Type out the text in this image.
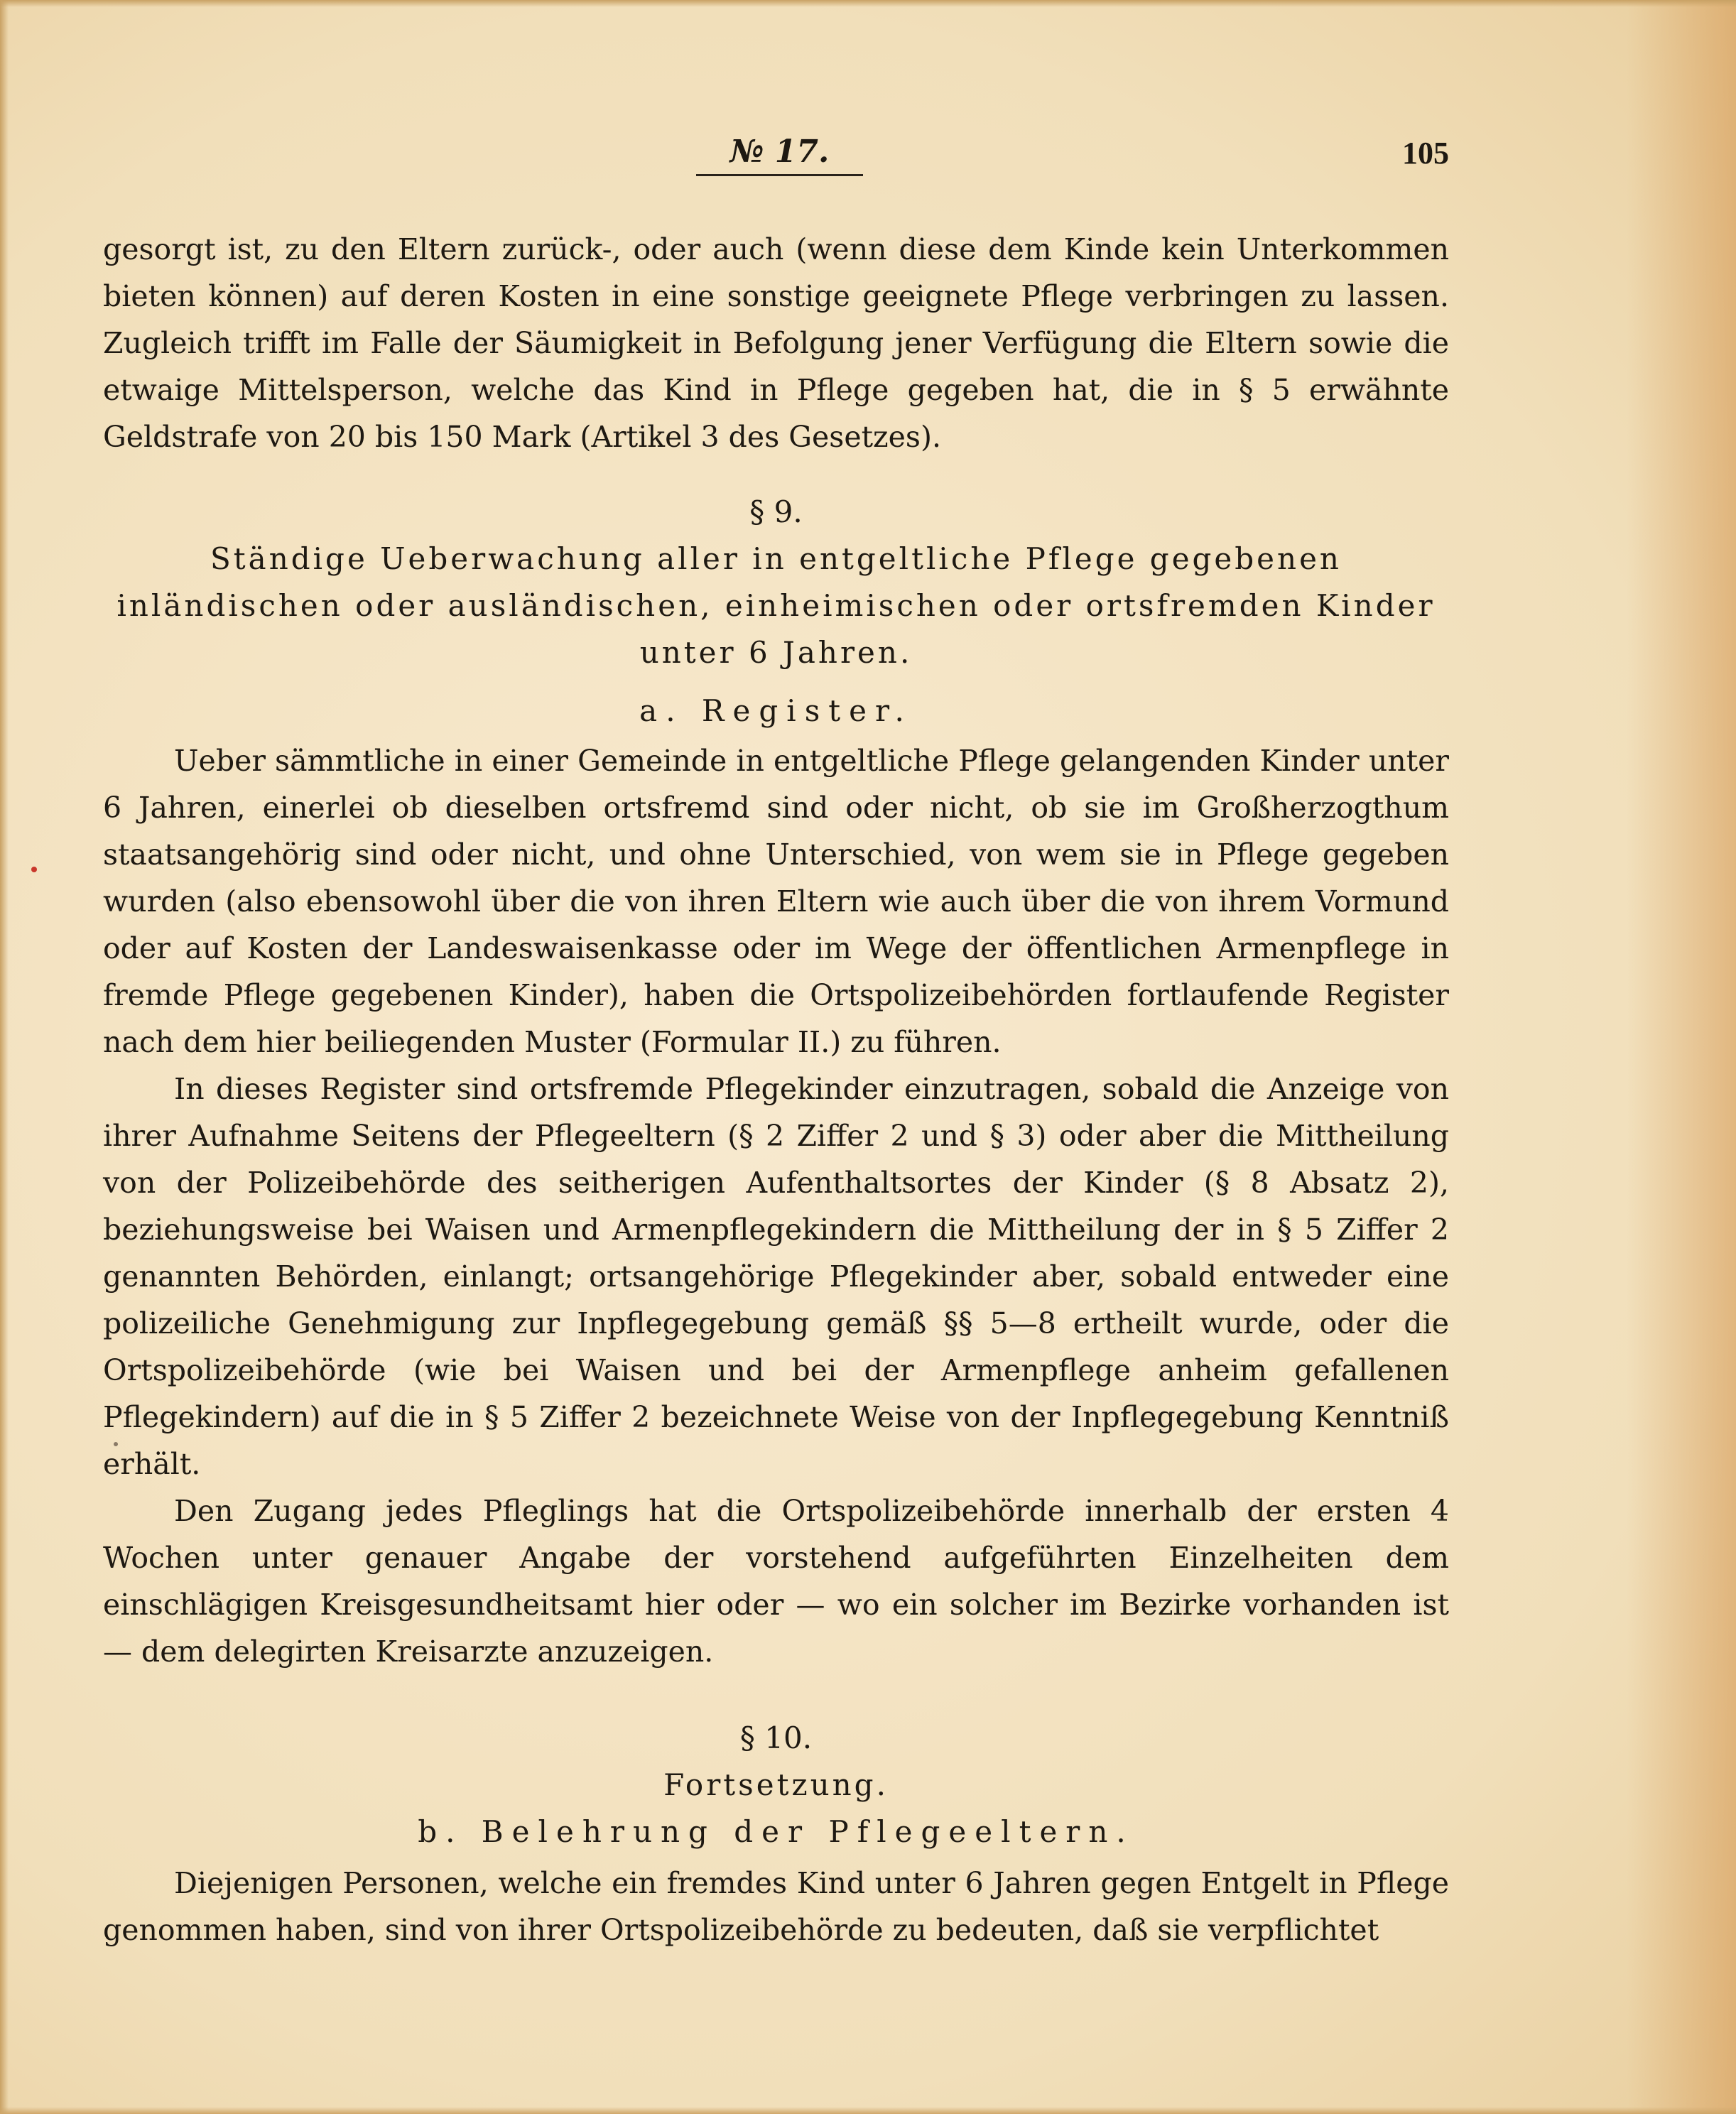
№ 17.	105

gesorgt ist, zu den Eltern zurück-, oder auch (wenn diese dem Kinde kein Unterkommen bieten können) auf deren Kosten in eine sonstige geeignete Pflege verbringen zu lassen. Zugleich trifft im Falle der Säumigkeit in Befolgung jener Verfügung die Eltern sowie die etwaige Mittelsperson, welche das Kind in Pflege gegeben hat, die in § 5 erwähnte Geldstrafe von 20 bis 150 Mark (Artikel 3 des Gesetzes).

§ 9.

Ständige Ueberwachung aller in entgeltliche Pflege gegebenen inländischen oder ausländischen, einheimischen oder ortsfremden Kinder unter 6 Jahren.

a. Register.

Ueber sämmtliche in einer Gemeinde in entgeltliche Pflege gelangenden Kinder unter 6 Jahren, einerlei ob dieselben ortsfremd sind oder nicht, ob sie im Großherzogthum staatsangehörig sind oder nicht, und ohne Unterschied, von wem sie in Pflege gegeben wurden (also ebensowohl über die von ihren Eltern wie auch über die von ihrem Vormund oder auf Kosten der Landeswaisenkasse oder im Wege der öffentlichen Armenpflege in fremde Pflege gegebenen Kinder), haben die Ortspolizeibehörden fortlaufende Register nach dem hier beiliegenden Muster (Formular II.) zu führen.

In dieses Register sind ortsfremde Pflegekinder einzutragen, sobald die Anzeige von ihrer Aufnahme Seitens der Pflegeeltern (§ 2 Ziffer 2 und § 3) oder aber die Mittheilung von der Polizeibehörde des seitherigen Aufenthaltsortes der Kinder (§ 8 Absatz 2), beziehungsweise bei Waisen und Armenpflegekindern die Mittheilung der in § 5 Ziffer 2 genannten Behörden, einlangt; ortsangehörige Pflegekinder aber, sobald entweder eine polizeiliche Genehmigung zur Inpflegegebung gemäß §§ 5—8 ertheilt wurde, oder die Ortspolizeibehörde (wie bei Waisen und bei der Armenpflege anheim gefallenen Pflegekindern) auf die in § 5 Ziffer 2 bezeichnete Weise von der Inpflegegebung Kenntniß erhält.

Den Zugang jedes Pfleglings hat die Ortspolizeibehörde innerhalb der ersten 4 Wochen unter genauer Angabe der vorstehend aufgeführten Einzelheiten dem einschlägigen Kreisgesundheitsamt hier oder — wo ein solcher im Bezirke vorhanden ist — dem delegirten Kreisarzte anzuzeigen.

§ 10.

Fortsetzung.

b. Belehrung der Pflegeeltern.

Diejenigen Personen, welche ein fremdes Kind unter 6 Jahren gegen Entgelt in Pflege genommen haben, sind von ihrer Ortspolizeibehörde zu bedeuten, daß sie verpflichtet
